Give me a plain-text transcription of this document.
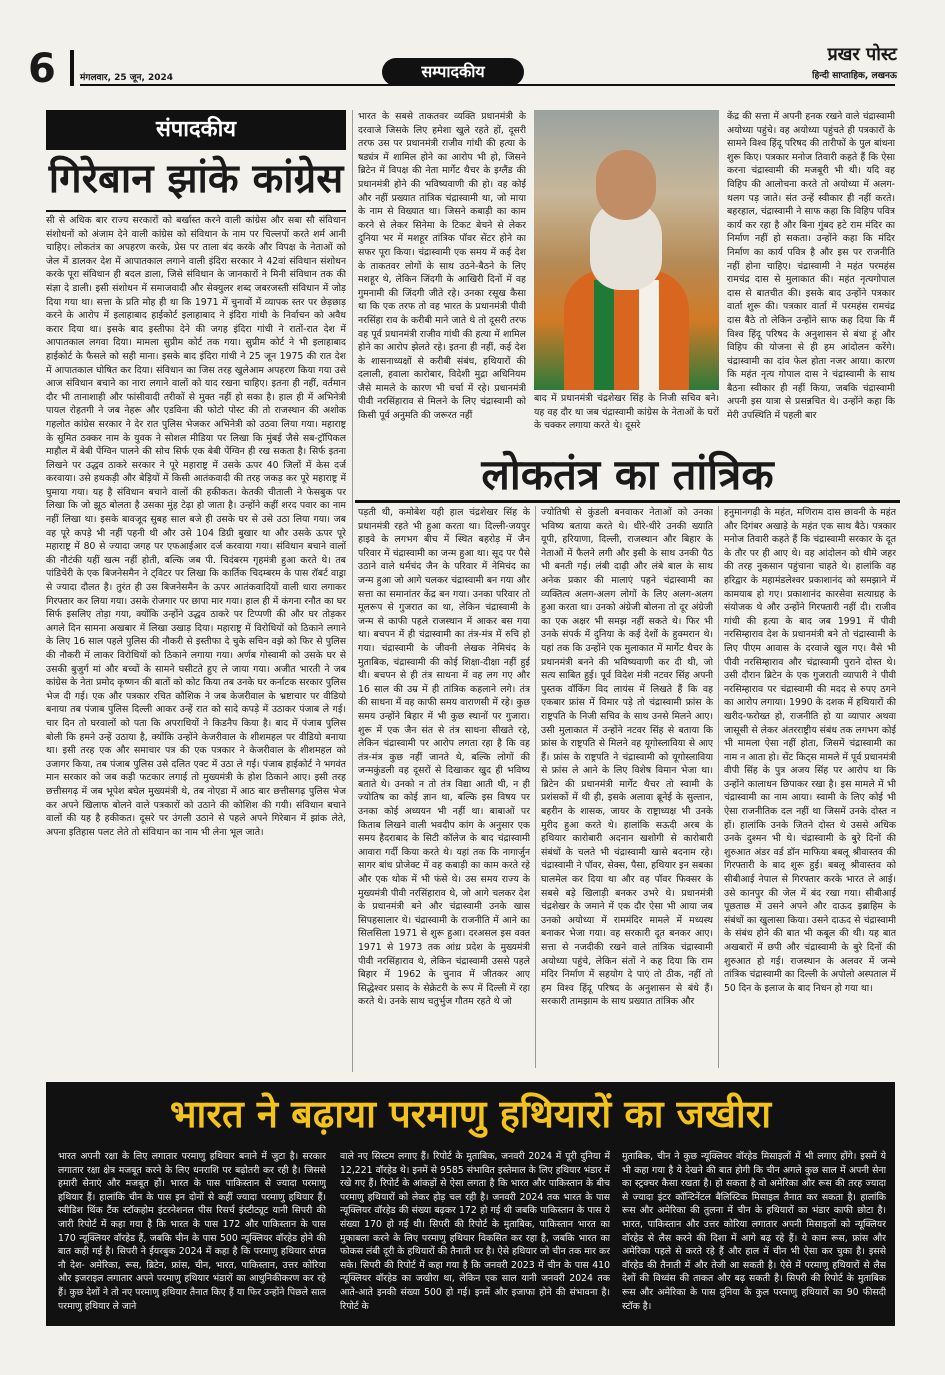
6	मंगलवार, 25 जून, 2024	सम्पादकीय
प्रखर पोस्ट
हिन्दी साप्ताहिक, लखनऊ
संपादकीय
गिरेबान झांके कांग्रेस
सी से अधिक बार राज्य सरकारों को बर्खास्त करने वाली कांग्रेस और सबा सौ संविधान संशोधनों को अंजाम देने वाली कांग्रेस को संविधान के नाम पर चिल्लपों करते शर्म आनी चाहिए। लोकतंत्र का अपहरण करके, प्रेस पर ताला बंद करके और विपक्ष के नेताओं को जेल में डालकर देश में आपातकाल लगाने वाली इंदिरा सरकार ने 42वां संविधान संशोधन करके पूरा संविधान ही बदल डाला, जिसे संविधान के जानकारों ने मिनी संविधान तक की संज्ञा दे डाली। इसी संशोधन में समाजवादी और सेक्युलर शब्द जबरजस्ती संविधान में जोड़ दिया गया था। सत्ता के प्रति मोह ही था कि 1971 में चुनावों में व्यापक स्तर पर छेड़छाड़ करने के आरोप में इलाहाबाद हाईकोर्ट इलाहाबाद ने इंदिरा गांधी के निर्वाचन को अवैध करार दिया था। इसके बाद इस्तीफा देने की जगह इंदिरा गांधी ने रातों-रात देश में आपातकाल लगवा दिया। मामला सुप्रीम कोर्ट तक गया। सुप्रीम कोर्ट ने भी इलाहाबाद हाईकोर्ट के फैसले को सही माना। इसके बाद इंदिरा गांधी ने 25 जून 1975 की रात देश में आपातकाल घोषित कर दिया। संविधान का जिस तरह खुलेआम अपहरण किया गया उसे आज संविधान बचाने का नारा लगाने वालों को याद रखना चाहिए। इतना ही नहीं, वर्तमान दौर भी तानाशाही और फांसीवादी तरीकों से मुक्त नहीं हो सका है। हाल ही में अभिनेत्री पायल रोहतगी ने जब नेहरू और एडविना की फोटो पोस्ट की तो राजस्थान की अशोक गहलोत कांग्रेस सरकार ने देर रात पुलिस भेजकर अभिनेत्री को उठवा लिया गया। महाराष्ट्र के सुमित ठक्कर नाम के युवक ने सोशल मीडिया पर लिखा कि मुंबई जैसे सब-ट्रॉपिकल माहौल में बेबी पेंग्विन पालने की सोच सिर्फ एक बेबी पेंग्विन ही रख सकता है। सिर्फ इतना लिखने पर उद्धव ठाकरे सरकार ने पूरे महाराष्ट्र में उसके ऊपर 40 जिलों में केस दर्ज करवाया। उसे हथकड़ी और बेड़ियों में किसी आतंकवादी की तरह जकड़ कर पूरे महाराष्ट्र में घुमाया गया। यह है संविधान बचाने वालों की हकीकत। केतकी चीताली ने फेसबुक पर लिखा कि जो झूठ बोलता है उसका मुंह टेढ़ा हो जाता है। उन्होंने कहीं शरद पवार का नाम नहीं लिखा था। इसके बावजूद सुबह साल बजे ही उसके घर से उसे उठा लिया गया। जब वह पूरे कपड़े भी नहीं पहनी थी और उसे 104 डिग्री बुखार था और उसके ऊपर पूरे महाराष्ट्र में 80 से ज्यादा जगह पर एफआईआर दर्ज करवाया गया। संविधान बचाने वालों की नौटंकी यहीं खत्म नहीं होती, बल्कि जब पी. चिदंबरम गृहमंत्री हुआ करते थे। तब पांडिचेरी के एक बिजनेसमैन ने ट्विटर पर लिखा कि कार्तिक चिदम्बरम के पास रॉबर्ट वाड्रा से ज्यादा दौलत है। तुरंत ही उस बिजनेसमैन के ऊपर आतंकवादियों वाली धारा लगाकर गिरफ्तार कर लिया गया। उसके रोजगार पर छापा मार गया। हाल ही में कंगना रनौत का घर सिर्फ इसलिए तोड़ा गया, क्योंकि उन्होंने उद्धव ठाकरे पर टिप्पणी की और घर तोड़कर अगले दिन सामना अखबार में लिखा उखाड़ दिया। महाराष्ट्र में विरोधियों को ठिकाने लगाने के लिए 16 साल पहले पुलिस की नौकरी से इस्तीफा दे चुके सचिन वझे को फिर से पुलिस की नौकरी में लाकर विरोधियों को ठिकाने लगाया गया। अर्णब गोस्वामी को उसके घर से उसकी बुजुर्ग मां और बच्चों के सामने घसीटते हुए ले जाया गया। अजीत भारती ने जब कांग्रेस के नेता प्रमोद कृष्णन की बातों को कोट किया तब उनके घर कर्नाटक सरकार पुलिस भेज दी गई। एक और पत्रकार रचित कौशिक ने जब केजरीवाल के भ्रष्टाचार पर वीडियो बनाया तब पंजाब पुलिस दिल्ली आकर उन्हें रात को सादे कपड़े में उठाकर पंजाब ले गई। चार दिन तो घरवालों को पता कि अपराधियों ने किडनैप किया है। बाद में पंजाब पुलिस बोली कि हमने उन्हें उठाया है, क्योंकि उन्होंने केजरीवाल के शीशमहल पर वीडियो बनाया था। इसी तरह एक और समाचार पत्र की एक पत्रकार ने केजरीवाल के शीशमहल को उजागर किया, तब पंजाब पुलिस उसे दलित एक्ट में उठा ले गई। पंजाब हाईकोर्ट ने भगवंत मान सरकार को जब कड़ी फटकार लगाई तो मुख्यमंत्री के होश ठिकाने आए। इसी तरह छत्तीसगढ़ में जब भूपेश बघेल मुख्यमंत्री थे, तब नोएडा में आठ बार छत्तीसगढ़ पुलिस भेज कर अपने खिलाफ बोलने वाले पत्रकारों को उठाने की कोशिश की गयी। संविधान बचाने वालों की यह है हकीकत। दूसरे पर उंगली उठाने से पहले अपने गिरेबान में झांक लेते, अपना इतिहास पलट लेते तो संविधान का नाम भी लेना भूल जाते।
भारत के सबसे ताकतवर व्यक्ति प्रधानमंत्री के दरवाजे जिसके लिए हमेशा खुले रहते हों, दूसरी तरफ उस पर प्रधानमंत्री राजीव गांधी की हत्या के षड्यंत्र में शामिल होने का आरोप भी हो, जिसने ब्रिटेन में विपक्ष की नेता मार्गेट थैचर के इग्लैंड की प्रधानमंत्री होने की भविष्यवाणी की हो। वह कोई और नहीं प्रख्यात तांत्रिक चंद्रास्वामी था, जो माया के नाम से विख्यात था। जिसने कबाड़ी का काम करने से लेकर सिनेमा के टिकट बेचने से लेकर दुनिया भर में मशहूर तांत्रिक पॉवर सेंटर होने का सफर पूरा किया। चंद्रास्वामी एक समय में कई देश के ताकतवर लोगों के साथ उठने-बैठने के लिए मशहूर थे, लेकिन जिंदगी के आखिरी दिनों में वह गुमनामी की जिंदगी जीते रहे। उनका रसूख कैसा था कि एक तरफ तो वह भारत के प्रधानमंत्री पीवी नरसिंहा राव के करीबी माने जाते थे तो दूसरी तरफ वह पूर्व प्रधानमंत्री राजीव गांधी की हत्या में शामिल होने का आरोप झेलते रहे। इतना ही नहीं, कई देश के शासनाध्यक्षों से करीबी संबंध, हथियारों की दलाली, हवाला कारोबार, विदेशी मुद्रा अधिनियम जैसे मामले के कारण भी चर्चा में रहे। प्रधानमंत्री पीवी नरसिंहाराव से मिलने के लिए चंद्रास्वामी को किसी पूर्व अनुमति की जरूरत नहीं
बाद में प्रधानमंत्री चंद्रशेखर सिंह के निजी सचिव बने। यह वह दौर था जब चंद्रास्वामी कांग्रेस के नेताओं के घरों के चक्कर लगाया करते थे। दूसरे
केंद्र की सत्ता में अपनी हनक रखने वाले चंद्रास्वामी अयोध्या पहुंचे। वह अयोध्या पहुंचते ही पत्रकारों के सामने विश्व हिंदू परिषद की तारीफों के पुल बांधना शुरू किए। पत्रकार मनोज तिवारी कहते हैं कि ऐसा करना चंद्रास्वामी की मजबूरी भी थी। यदि वह विहिप की आलोचना करते तो अयोध्या में अलग-थलग पड़ जाते। संत उन्हें स्वीकार ही नहीं करते। बहरहाल, चंद्रास्वामी ने साफ कहा कि विहिप पवित्र कार्य कर रहा है और बिना गुंबद हटे राम मंदिर का निर्माण नहीं हो सकता। उन्होंने कहा कि मंदिर निर्माण का कार्य पवित्र है और इस पर राजनीति नहीं होना चाहिए। चंद्रास्वामी ने महंत परमहंस रामचंद्र दास से मुलाकात की। महंत नृत्यगोपाल दास से बातचीत की। इसके बाद उन्होंने पत्रकार वार्ता शुरू की। पत्रकार वार्ता में परमहंस रामचंद्र दास बैठे तो लेकिन उन्होंने साफ कह दिया कि मैं विश्व हिंदू परिषद के अनुशासन से बंधा हूं और विहिप की योजना से ही हम आंदोलन करेंगे। चंद्रास्वामी का दांव फेल होता नजर आया। कारण कि महंत नृत्य गोपाल दास ने चंद्रास्वामी के साथ बैठना स्वीकार ही नहीं किया, जबकि चंद्रास्वामी अपनी इस यात्रा से प्रसन्नचित थे। उन्होंने कहा कि मेरी उपस्थिति में पहली बार
लोकतंत्र का तांत्रिक
पड़ती थी, कमोबेश यही हाल चंद्रशेखर सिंह के प्रधानमंत्री रहते भी हुआ करता था। दिल्ली-जयपुर हाइवे के लगभग बीच में स्थित बहरोड़ में जैन परिवार में चंद्रास्वामी का जन्म हुआ था। सूद पर पैसे उठाने वाले धर्मचंद जैन के परिवार में नेमिचंद का जन्म हुआ जो आगे चलकर चंद्रास्वामी बन गया और सत्ता का समानांतर केंद्र बन गया। उनका परिवार तो मूलरूप से गुजरात का था, लेकिन चंद्रास्वामी के जन्म से काफी पहले राजस्थान में आकर बस गया था। बचपन में ही चंद्रास्वामी का तंत्र-मंत्र में रुचि हो गया। चंद्रास्वामी के जीवनी लेखक नेमिचंद के मुताबिक, चंद्रास्वामी की कोई शिक्षा-दीक्षा नहीं हुई थी। बचपन से ही तंत्र साधना में वह लग गए और 16 साल की उम्र में ही तांत्रिक कहलाने लगे। तंत्र की साधना में वह काफी समय वाराणसी में रहे। कुछ समय उन्होंने बिहार में भी कुछ स्थानों पर गुजारा। शुरू में एक जैन संत से तंत्र साधना सीखते रहे, लेकिन चंद्रास्वामी पर आरोप लगता रहा है कि वह तंत्र-मंत्र कुछ नहीं जानते थे, बल्कि लोगों की जन्मकुंडली वह दूसरों से दिखाकर खुद ही भविष्य बताते थे। उनको न तो तंत्र विद्या आती थी, न ही ज्योतिष का कोई ज्ञान था, बल्कि इस विषय पर उनका कोई अध्ययन भी नहीं था। बाबाओं पर किताब लिखने वाली भवदीप कांग के अनुसार एक समय हैदराबाद के सिटी कॉलेज के बाद चंद्रास्वामी आवारा गर्दी किया करते थे। यहां तक कि नागार्जुन सागर बांध प्रोजेक्ट में वह कबाड़ी का काम करते रहे और एक थोक में भी फंसे थे। उस समय राज्य के मुख्यमंत्री पीवी नरसिंहाराव थे, जो आगे चलकर देश के प्रधानमंत्री बने और चंद्रास्वामी उनके खास सिपहसालार थे। चंद्रास्वामी के राजनीति में आने का सिलसिला 1971 से शुरू हुआ। दरअसल इस वक्त 1971 से 1973 तक आंध्र प्रदेश के मुख्यमंत्री पीवी नरसिंहाराव थे, लेकिन चंद्रास्वामी उससे पहले बिहार में 1962 के चुनाव में जीतकर आए सिद्धेश्वर प्रसाद के सेक्रेटरी के रूप में दिल्ली में रहा करते थे। उनके साथ चतुर्भुज गौतम रहते थे जो
ज्योतिषी से कुंडली बनवाकर नेताओं को उनका भविष्य बताया करते थे। धीरे-धीरे उनकी ख्याति यूपी, हरियाणा, दिल्ली, राजस्थान और बिहार के नेताओं में फैलने लगी और इसी के साथ उनकी पैठ भी बनती गई। लंबी दाढ़ी और लंबे बाल के साथ अनेक प्रकार की मालाएं पहने चंद्रास्वामी का व्यक्तित्व अलग-अलग लोगों के लिए अलग-अलग हुआ करता था। उनको अंग्रेजी बोलना तो दूर अंग्रेजी का एक अक्षर भी समझ नहीं सकते थे। फिर भी उनके संपर्क में दुनिया के कई देशों के हुक्मरान थे। यहां तक कि उन्होंने एक मुलाकात में मार्गेट थैचर के प्रधानमंत्री बनने की भविष्यवाणी कर दी थी, जो सत्य साबित हुई। पूर्व विदेश मंत्री नटवर सिंह अपनी पुस्तक वॉकिंग विद लायंस में लिखते हैं कि वह एकबार फ्रांस में विमार पड़े तो चंद्रास्वामी फ्रांस के राष्ट्रपति के निजी सचिव के साथ उनसे मिलने आए। उसी मुलाकात में उन्होंने नटवर सिंह से बताया कि फ्रांस के राष्ट्रपति से मिलने वह यूगोस्लाविया से आए हैं। फ्रांस के राष्ट्रपति ने चंद्रास्वामी को यूगोस्लाविया से फ्रांस ले आने के लिए विशेष विमान भेजा था। ब्रिटेन की प्रधानमंत्री मार्गेट थैचर तो स्वामी के प्रशंसकों में थी ही, इसके अलावा ब्रूनेई के सुल्तान, बहरीन के शासक, जायर के राष्ट्राध्यक्ष भी उनके मुरीद हुआ करते थे। हालांकि सऊदी अरब के हथियार कारोबारी अदनान खशोगी से कारोबारी संबंधों के चलते भी चंद्रास्वामी खासे बदनाम रहे। चंद्रास्वामी ने पॉवर, सेक्स, पैसा, हथियार इन सबका घालमेल कर दिया था और वह पॉवर फिक्सर के सबसे बड़े खिलाड़ी बनकर उभरे थे। प्रधानमंत्री चंद्रशेखर के जमाने में एक दौर ऐसा भी आया जब उनको अयोध्या में राममंदिर मामले में मध्यस्थ बनाकर भेजा गया। वह सरकारी दूत बनकर आए। सत्ता से नजदीकी रखने वाले तांत्रिक चंद्रास्वामी अयोध्या पहुंचे, लेकिन संतों ने कह दिया कि राम मंदिर निर्माण में सहयोग दे पाएं तो ठीक, नहीं तो हम विश्व हिंदू परिषद के अनुशासन से बंधे हैं। सरकारी तामझाम के साथ प्रख्यात तांत्रिक और
हनुमानगढ़ी के महंत, मणिराम दास छावनी के महंत और दिगंबर अखाड़े के महंत एक साथ बैठे। पत्रकार मनोज तिवारी कहते हैं कि चंद्रास्वामी सरकार के दूत के तौर पर ही आए थे। वह आंदोलन को धीमे जहर की तरह नुकसान पहुंचाना चाहते थे। हालांकि वह हरिद्वार के महामंडलेश्वर प्रकाशानंद को समझाने में कामयाब हो गए। प्रकाशानंद कारसेवा सत्याग्रह के संयोजक थे और उन्होंने गिरफ्तारी नहीं दी। राजीव गांधी की हत्या के बाद जब 1991 में पीवी नरसिम्हाराव देश के प्रधानमंत्री बने तो चंद्रास्वामी के लिए पीएम आवास के दरवाजे खुल गए। वैसे भी पीवी नरसिम्हाराव और चंद्रास्वामी पुराने दोस्त थे। उसी दौरान ब्रिटेन के एक गुजराती व्यापारी ने पीवी नरसिम्हाराव पर चंद्रास्वामी की मदद से रुपए ठगने का आरोप लगाया। 1990 के दशक में हथियारों की खरीद-फरोख्त हो, राजनीति हो या व्यापार अथवा जासूसी से लेकर अंतरराष्ट्रीय संबंध तक लगभग कोई भी मामला ऐसा नहीं होता, जिसमें चंद्रास्वामी का नाम न आता हो। सेंट किट्स मामले में पूर्व प्रधानमंत्री वीपी सिंह के पुत्र अजय सिंह पर आरोप था कि उन्होंने कालाधन छिपाकर रखा है। इस मामले में भी चंद्रास्वामी का नाम आया। स्वामी के लिए कोई भी ऐसा राजनीतिक दल नहीं था जिसमें उनके दोस्त न हों। हालांकि उनके जितने दोस्त थे उससे अधिक उनके दुश्मन भी थे। चंद्रास्वामी के बुरे दिनों की शुरुआत अंडर वर्ड डॉन माफिया बबलू श्रीवास्तव की गिरफ्तारी के बाद शुरू हुई। बबलू श्रीवास्तव को सीबीआई नेपाल से गिरफ्तार करके भारत ले आई। उसे कानपुर की जेल में बंद रखा गया। सीबीआई पूछताछ में उसने अपने और दाऊद इब्राहिम के संबंधों का खुलासा किया। उसने दाऊद से चंद्रास्वामी के संबंध होने की बात भी कबूल की थी। यह बात अखबारों में छपी और चंद्रास्वामी के बुरे दिनों की शुरुआत हो गई। राजस्थान के अलवर में जन्मे तांत्रिक चंद्रास्वामी का दिल्ली के अपोलो अस्पताल में 50 दिन के इलाज के बाद निधन हो गया था।
भारत ने बढ़ाया परमाणु हथियारों का जखीरा
भारत अपनी रक्षा के लिए लगातार परमाणु हथियार बनाने में जुटा है। सरकार लगातार रक्षा क्षेत्र मजबूत करने के लिए धनराशि पर बढ़ोतरी कर रही है। जिससे हमारी सेनाएं और मजबूत हों। भारत के पास पाकिस्तान से ज्यादा परमाणु हथियार हैं। हालांकि चीन के पास इन दोनों से कहीं ज्यादा परमाणु हथियार हैं। स्वीडिश थिंक टैंक स्टॉकहोम इंटरनेशनल पीस रिसर्च इंस्टीट्यूट यानी सिपरी की जारी रिपोर्ट में कहा गया है कि भारत के पास 172 और पाकिस्तान के पास 170 न्यूक्लियर वॉरहेड हैं, जबकि चीन के पास 500 न्यूक्लियर वॉरहेड होने की बात कही गई है। सिपरी ने ईयरबुक 2024 में कहा है कि परमाणु हथियार संपन्न नौ देश- अमेरिका, रूस, ब्रिटेन, फ्रांस, चीन, भारत, पाकिस्तान, उत्तर कोरिया और इजराइल लगातार अपने परमाणु हथियार भंडारों का आधुनिकीकरण कर रहे हैं। कुछ देशों ने तो नए परमाणु हथियार तैनात किए हैं या फिर उन्होंने पिछले साल परमाणु हथियार ले जाने
वाले नए सिस्टम लगाए हैं। रिपोर्ट के मुताबिक, जनवरी 2024 में पूरी दुनिया में 12,221 वॉरहेड थे। इनमें से 9585 संभावित इस्तेमाल के लिए हथियार भंडार में रखे गए हैं। रिपोर्ट के आंकड़ों से ऐसा लगता है कि भारत और पाकिस्तान के बीच परमाणु हथियारों को लेकर होड़ चल रही है। जनवरी 2024 तक भारत के पास न्यूक्लियर वॉरहेड की संख्या बढ़कर 172 हो गई थी जबकि पाकिस्तान के पास ये संख्या 170 हो गई थी। सिपरी की रिपोर्ट के मुताबिक, पाकिस्तान भारत का मुकाबला करने के लिए परमाणु हथियार विकसित कर रहा है, जबकि भारत का फोकस लंबी दूरी के हथियारों की तैनाती पर है। ऐसे हथियार जो चीन तक मार कर सके। सिपरी की रिपोर्ट में कहा गया है कि जनवरी 2023 में चीन के पास 410 न्यूक्लियर वॉरहेड का जखीरा था, लेकिन एक साल यानी जनवरी 2024 तक आते-आते इनकी संख्या 500 हो गई। इनमें और इजाफा होने की संभावना है। रिपोर्ट के
मुताबिक, चीन ने कुछ न्यूक्लियर वॉरहेड मिसाइलों में भी लगाए होंगे। इसमें ये भी कहा गया है ये देखने की बात होगी कि चीन अगले कुछ साल में अपनी सेना का स्ट्रक्चर कैसा रखता है। हो सकता है वो अमेरिका और रूस की तरह ज्यादा से ज्यादा इंटर कॉन्टिनेंटल बैलिस्टिक मिसाइल तैनात कर सकता है। हालांकि रूस और अमेरिका की तुलना में चीन के हथियारों का भंडार काफी छोटा है। भारत, पाकिस्तान और उत्तर कोरिया लगातार अपनी मिसाइलों को न्यूक्लियर वॉरहेड से लैस करने की दिशा में आगे बढ़ रहे हैं। ये काम रूस, फ्रांस और अमेरिका पहले से करते रहे हैं और हाल में चीन भी ऐसा कर चुका है। इससे वॉरहेड की तैनाती में और तेजी आ सकती है। ऐसे में परमाणु हथियारों से लैस देशों की विध्वंस की ताकत और बढ़ सकती है। सिपरी की रिपोर्ट के मुताबिक रूस और अमेरिका के पास दुनिया के कुल परमाणु हथियारों का 90 फीसदी स्टॉक है।
